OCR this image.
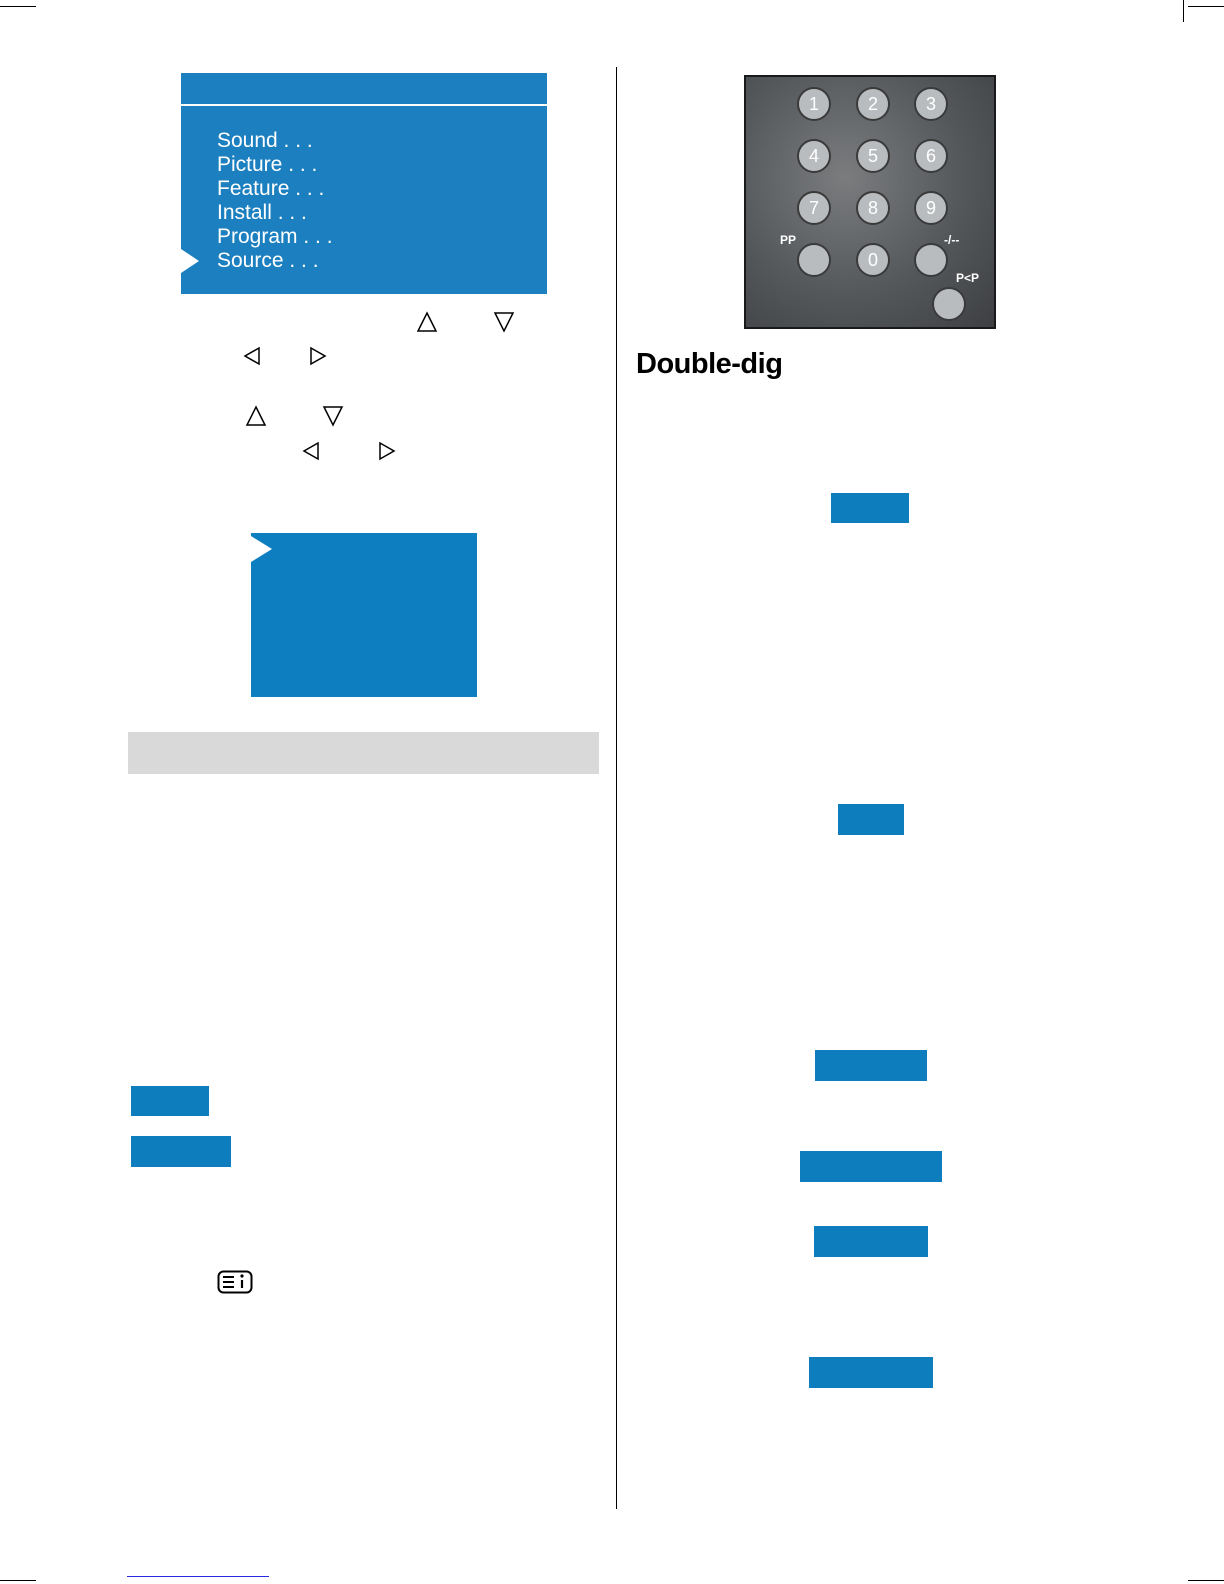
Sound . . .
Picture . . .
Feature . . .
Install . . .
Program . . .
Source . . .
1	2	3
4	5	6
7	8	9
0
PP	-/--
P<P
Double-dig
